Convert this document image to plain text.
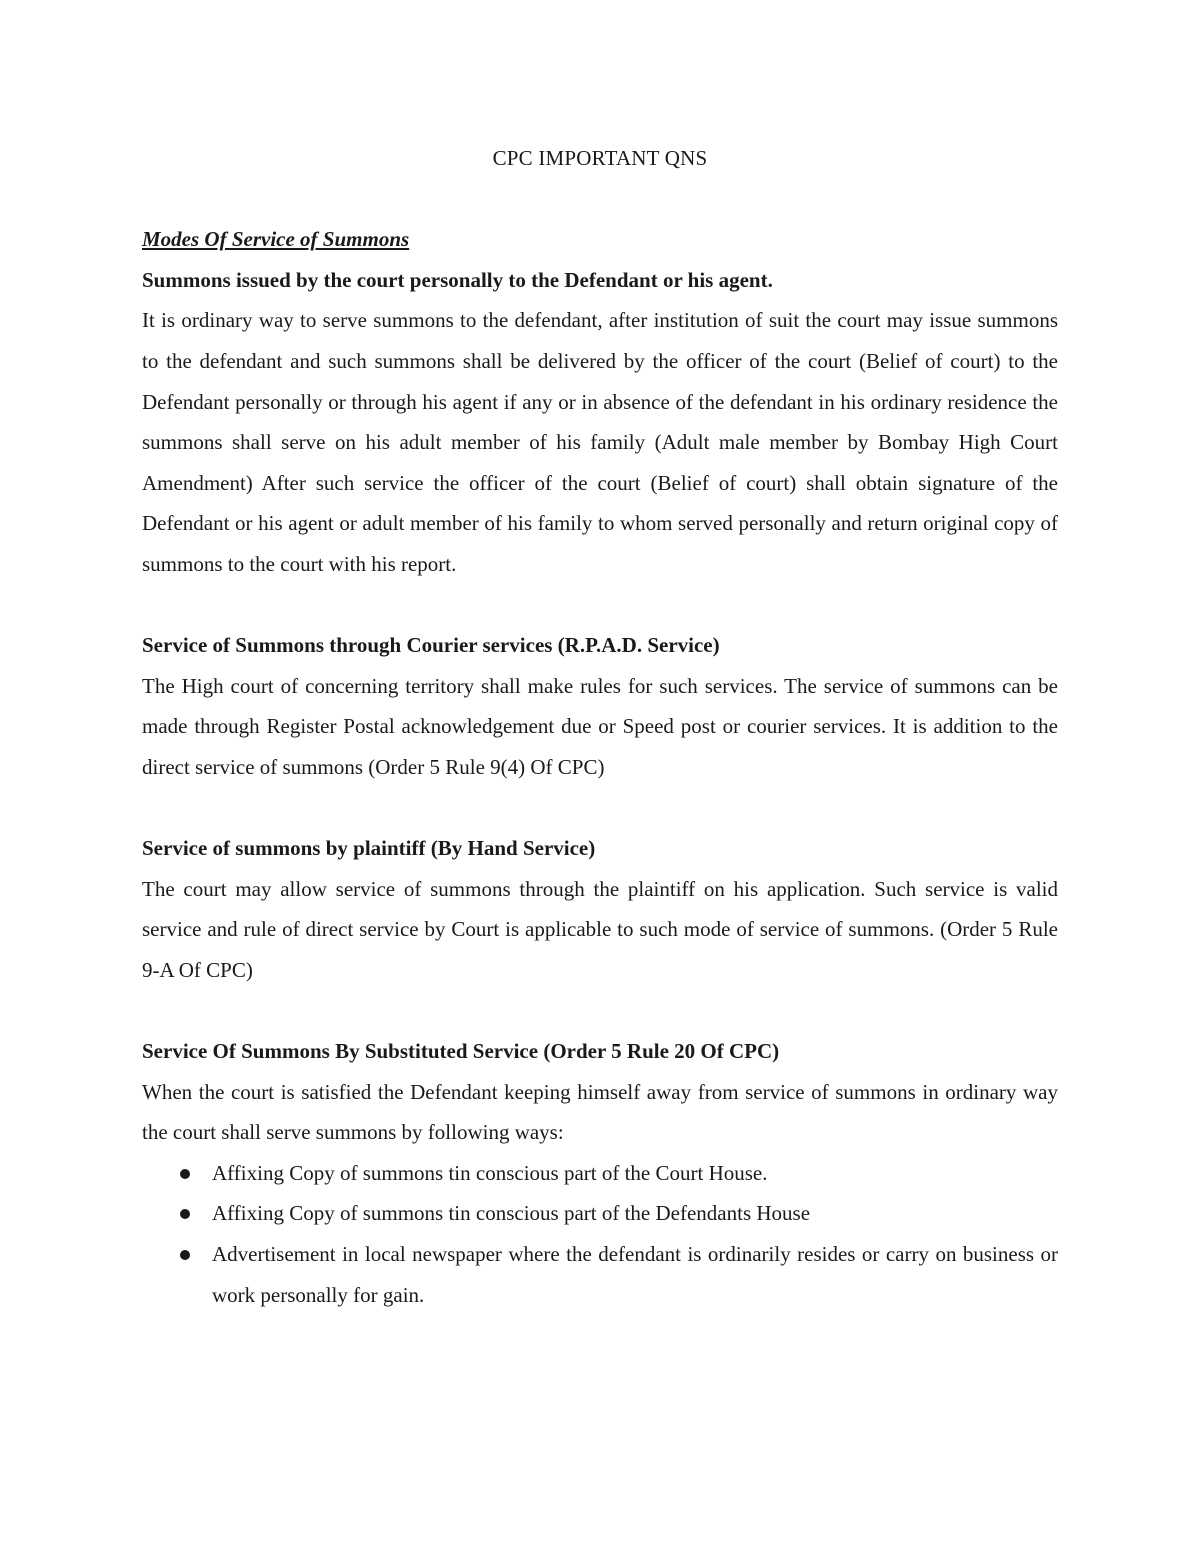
CPC IMPORTANT QNS
Modes Of Service of Summons
Summons issued by the court personally to the Defendant or his agent.

It is ordinary way to serve summons to the defendant, after institution of suit the court may issue summons to the defendant and such summons shall be delivered by the officer of the court (Belief of court) to the Defendant personally or through his agent if any or in absence of the defendant in his ordinary residence the summons shall serve on his adult member of his family (Adult male member by Bombay High Court Amendment) After such service the officer of the court (Belief of court) shall obtain signature of the Defendant or his agent or adult member of his family to whom served personally and return original copy of summons to the court with his report.

Service of Summons through Courier services (R.P.A.D. Service)

The High court of concerning territory shall make rules for such services. The service of summons can be made through Register Postal acknowledgement due or Speed post or courier services. It is addition to the direct service of summons (Order 5 Rule 9(4) Of CPC)

Service of summons by plaintiff (By Hand Service)

The court may allow service of summons through the plaintiff on his application. Such service is valid service and rule of direct service by Court is applicable to such mode of service of summons. (Order 5 Rule 9-A Of CPC)

Service Of Summons By Substituted Service (Order 5 Rule 20 Of CPC)

When the court is satisfied the Defendant keeping himself away from service of summons in ordinary way the court shall serve summons by following ways:

Affixing Copy of summons tin conscious part of the Court House.
Affixing Copy of summons tin conscious part of the Defendants House
Advertisement in local newspaper where the defendant is ordinarily resides or carry on business or work personally for gain.
